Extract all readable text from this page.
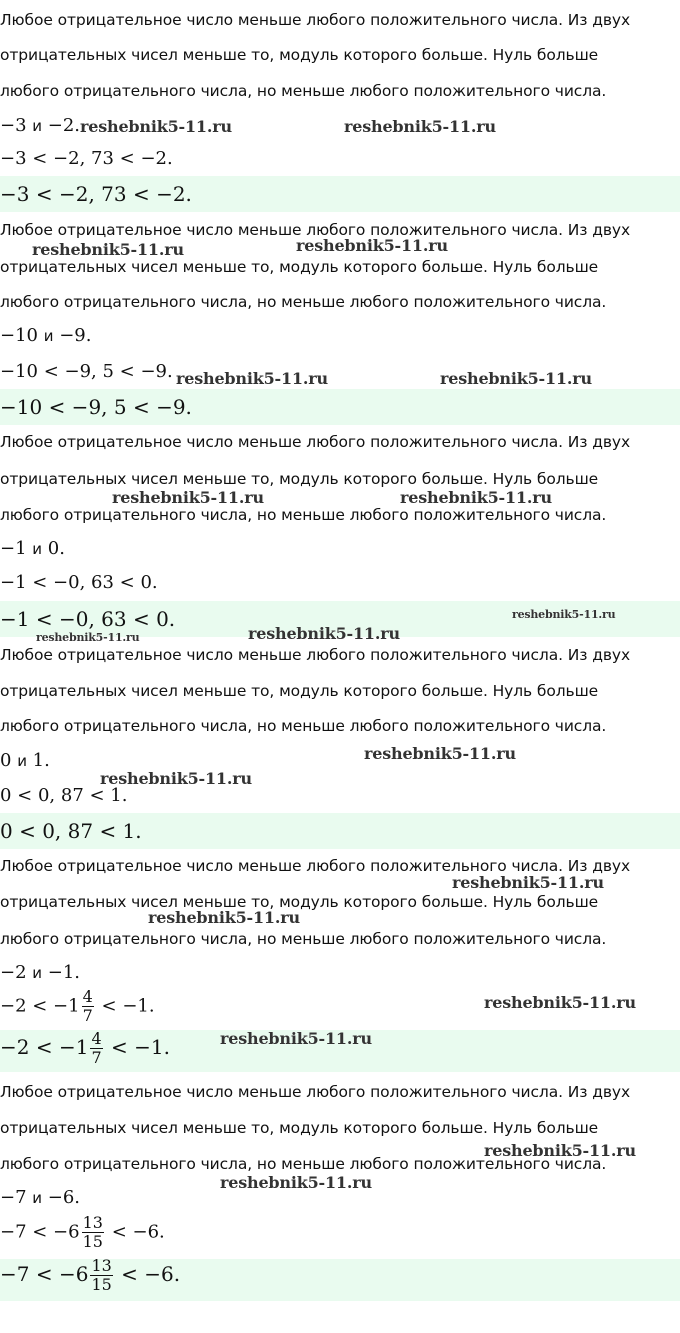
Любое отрицательное число меньше любого положительного числа. Из двух
отрицательных чисел меньше то, модуль которого больше. Нуль больше
любого отрицательного числа, но меньше любого положительного числа.
−3 и −2.
−3 < −2, 73 < −2.
−3 < −2, 73 < −2.
Любое отрицательное число меньше любого положительного числа. Из двух
отрицательных чисел меньше то, модуль которого больше. Нуль больше
любого отрицательного числа, но меньше любого положительного числа.
−10 и −9.
−10 < −9, 5 < −9.
−10 < −9, 5 < −9.
Любое отрицательное число меньше любого положительного числа. Из двух
отрицательных чисел меньше то, модуль которого больше. Нуль больше
любого отрицательного числа, но меньше любого положительного числа.
−1 и 0.
−1 < −0, 63 < 0.
−1 < −0, 63 < 0.
Любое отрицательное число меньше любого положительного числа. Из двух
отрицательных чисел меньше то, модуль которого больше. Нуль больше
любого отрицательного числа, но меньше любого положительного числа.
0 и 1.
0 < 0, 87 < 1.
0 < 0, 87 < 1.
Любое отрицательное число меньше любого положительного числа. Из двух
отрицательных чисел меньше то, модуль которого больше. Нуль больше
любого отрицательного числа, но меньше любого положительного числа.
−2 и −1.
$-2 < -1 \frac{4}{7} < -1$.
$-2 < -1 \frac{4}{7} < -1$.
Любое отрицательное число меньше любого положительного числа. Из двух
отрицательных чисел меньше то, модуль которого больше. Нуль больше
любого отрицательного числа, но меньше любого положительного числа.
−7 и −6.
$-7 < -6 \frac{13}{15} < -6$.
$-7 < -6 \frac{13}{15} < -6$.
reshebnik5-11.ru	reshebnik5-11.ru
reshebnik5-11.ru	reshebnik5-11.ru
reshebnik5-11.ru	reshebnik5-11.ru
reshebnik5-11.ru	reshebnik5-11.ru
reshebnik5-11.ru
reshebnik5-11.ru	reshebnik5-11.ru
reshebnik5-11.ru
reshebnik5-11.ru
reshebnik5-11.ru
reshebnik5-11.ru
reshebnik5-11.ru
reshebnik5-11.ru
reshebnik5-11.ru
reshebnik5-11.ru
